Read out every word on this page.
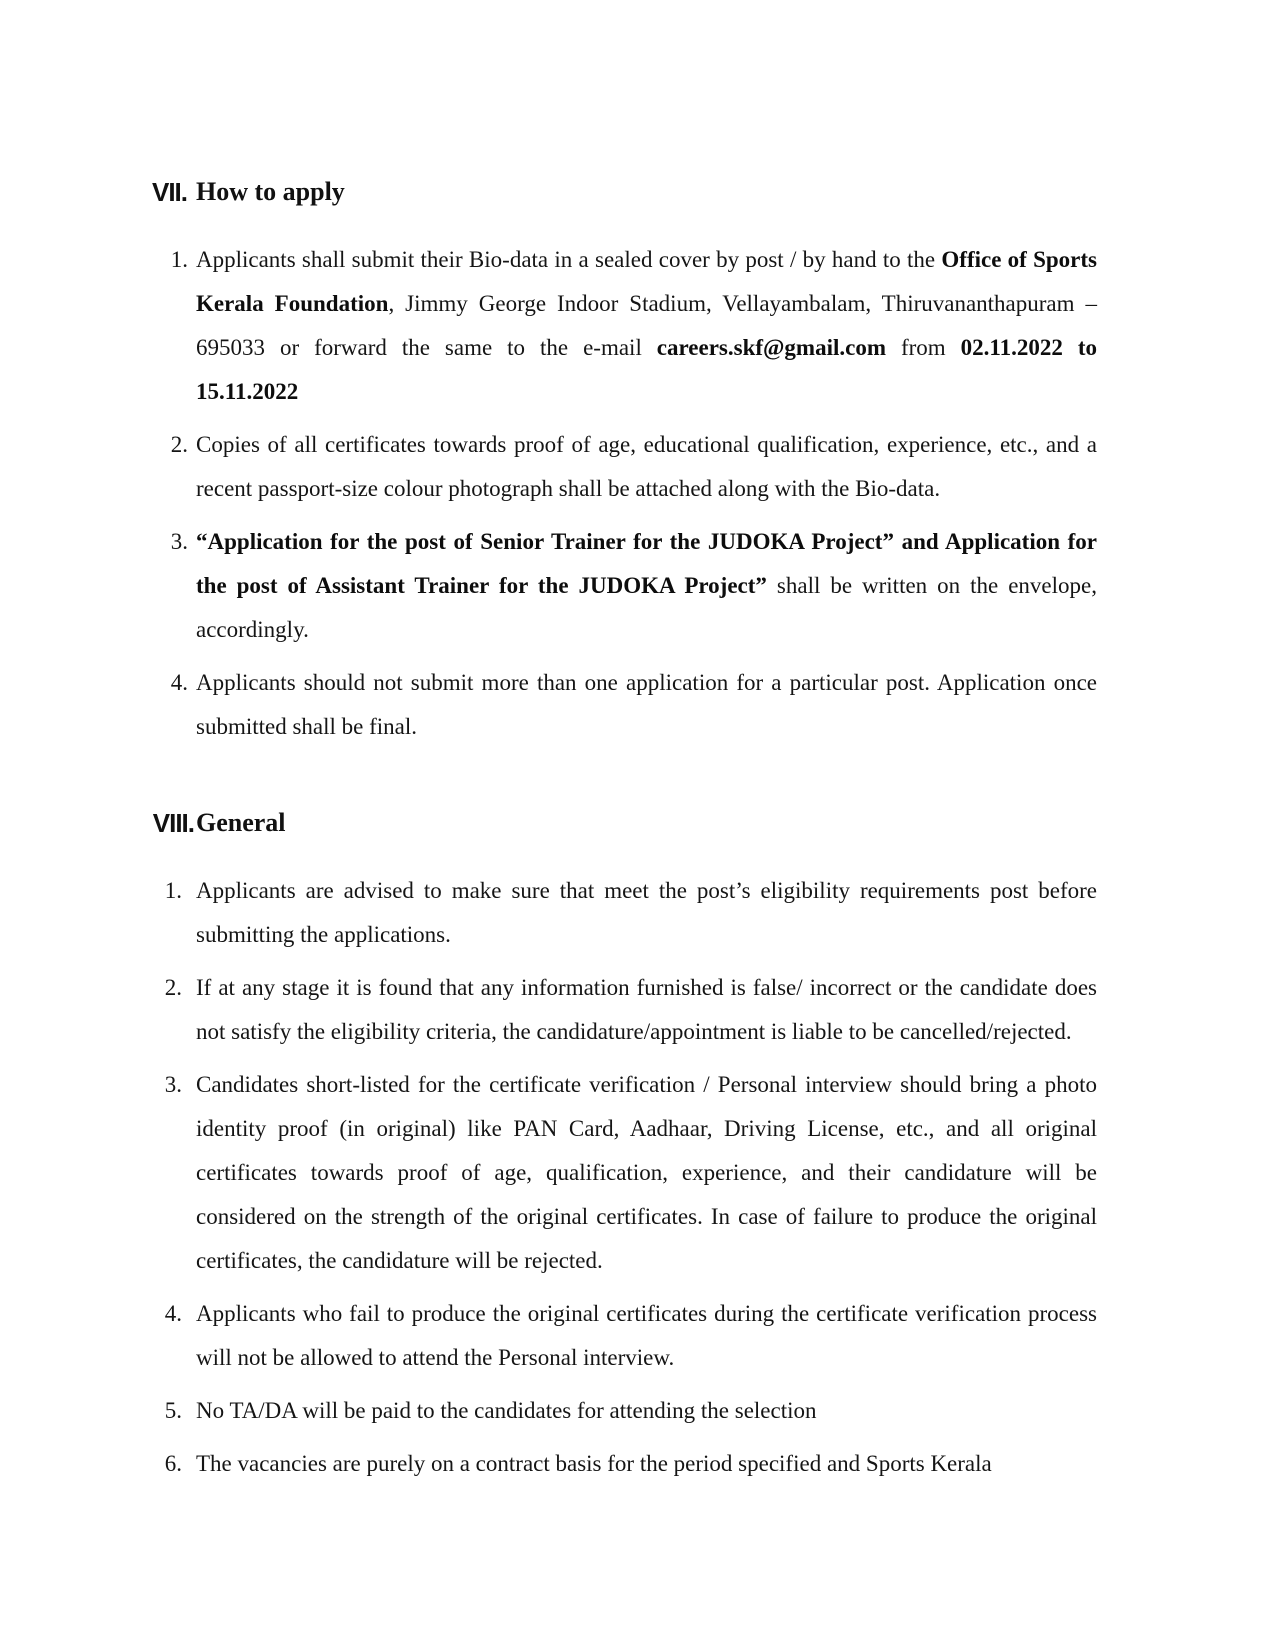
VII. How to apply
1. Applicants shall submit their Bio-data in a sealed cover by post / by hand to the Office of Sports Kerala Foundation, Jimmy George Indoor Stadium, Vellayambalam, Thiruvananthapuram – 695033 or forward the same to the e-mail careers.skf@gmail.com from 02.11.2022 to 15.11.2022
2. Copies of all certificates towards proof of age, educational qualification, experience, etc., and a recent passport-size colour photograph shall be attached along with the Bio-data.
3. “Application for the post of Senior Trainer for the JUDOKA Project” and Application for the post of Assistant Trainer for the JUDOKA Project” shall be written on the envelope, accordingly.
4. Applicants should not submit more than one application for a particular post. Application once submitted shall be final.
VIII. General
1. Applicants are advised to make sure that meet the post’s eligibility requirements post before submitting the applications.
2. If at any stage it is found that any information furnished is false/ incorrect or the candidate does not satisfy the eligibility criteria, the candidature/appointment is liable to be cancelled/rejected.
3. Candidates short-listed for the certificate verification / Personal interview should bring a photo identity proof (in original) like PAN Card, Aadhaar, Driving License, etc., and all original certificates towards proof of age, qualification, experience, and their candidature will be considered on the strength of the original certificates. In case of failure to produce the original certificates, the candidature will be rejected.
4. Applicants who fail to produce the original certificates during the certificate verification process will not be allowed to attend the Personal interview.
5. No TA/DA will be paid to the candidates for attending the selection
6. The vacancies are purely on a contract basis for the period specified and Sports Kerala
